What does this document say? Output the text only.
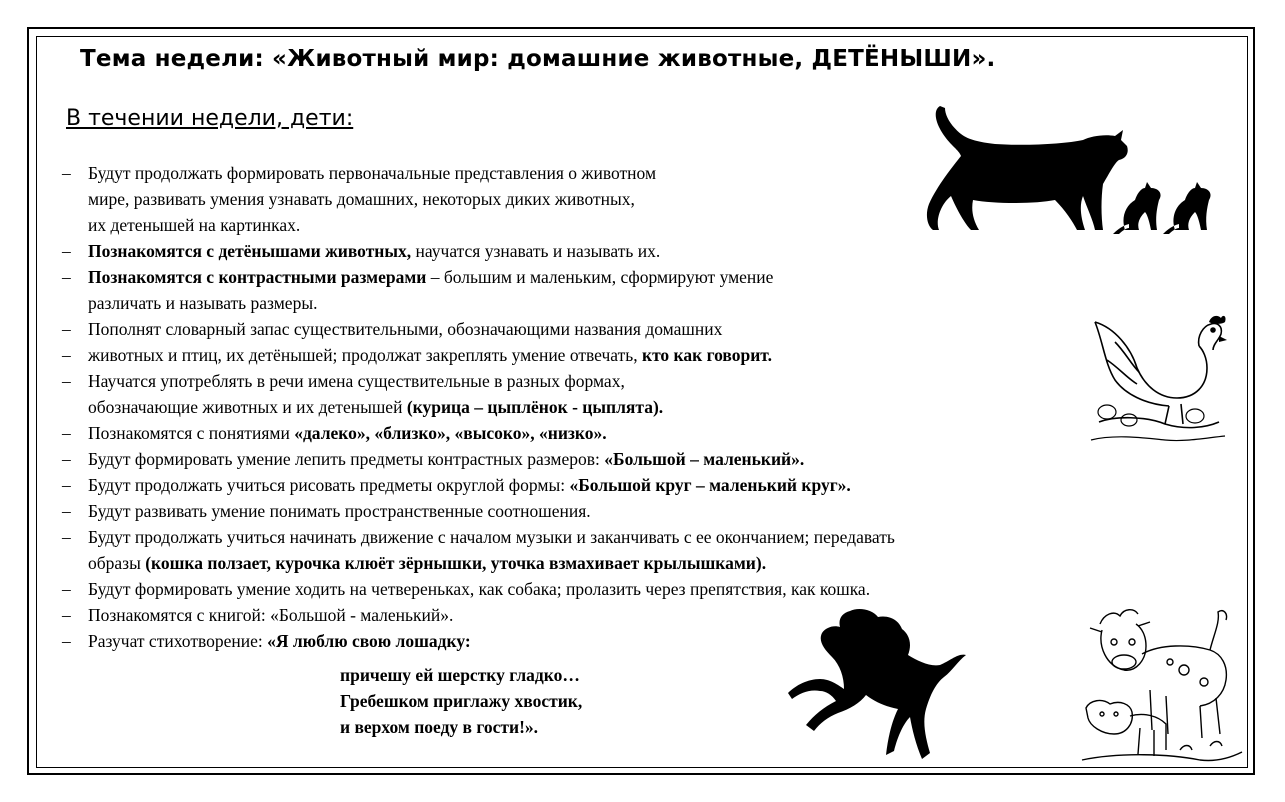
Тема недели: «Животный мир: домашние животные, ДЕТЁНЫШИ».
В течении недели, дети:
– Будут продолжать формировать первоначальные представления о животном
мире, развивать умения узнавать домашних, некоторых диких животных,
их детенышей на картинках.
– Познакомятся с детёнышами животных, научатся узнавать и называть их.
– Познакомятся с контрастными размерами – большим и маленьким, сформируют умение
различать и называть размеры.
– Пополнят словарный запас существительными, обозначающими названия домашних
– животных и птиц, их детёнышей; продолжат закреплять умение отвечать, кто как говорит.
– Научатся употреблять в речи имена существительные в разных формах,
обозначающие животных и их детенышей (курица – цыплёнок - цыплята).
– Познакомятся с понятиями «далеко», «близко», «высоко», «низко».
– Будут формировать умение лепить предметы контрастных размеров: «Большой – маленький».
– Будут продолжать учиться рисовать предметы округлой формы: «Большой круг – маленький круг».
– Будут развивать умение понимать пространственные соотношения.
– Будут продолжать учиться начинать движение с началом музыки и заканчивать с ее окончанием; передавать
образы (кошка ползает, курочка клюёт зёрнышки, уточка взмахивает крылышками).
– Будут формировать умение ходить на четвереньках, как собака; пролазить через препятствия, как кошка.
– Познакомятся с книгой: «Большой - маленький».
– Разучат стихотворение: «Я люблю свою лошадку:
причешу ей шерстку гладко…
Гребешком приглажу хвостик,
и верхом поеду в гости!».
